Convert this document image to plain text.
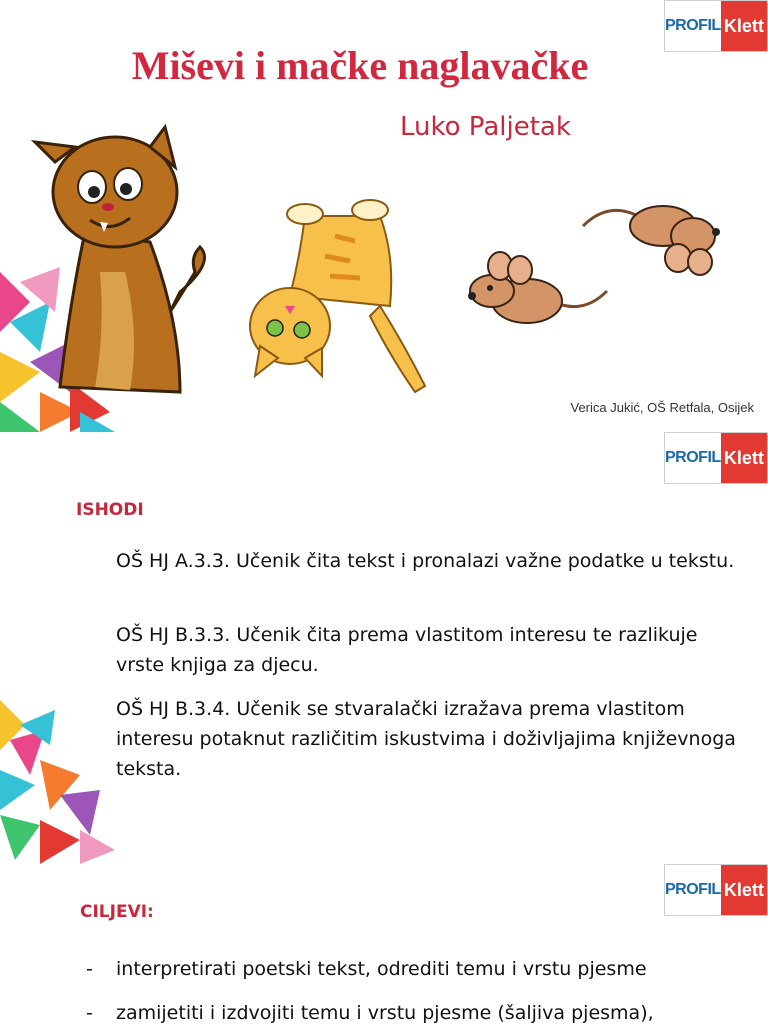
PROFIL Klett
Miševi i mačke naglavačke
Luko Paljetak
Verica Jukić, OŠ Retfala, Osijek
PROFIL Klett
ISHODI
OŠ HJ A.3.3. Učenik čita tekst i pronalazi važne podatke u tekstu.
OŠ HJ B.3.3. Učenik čita prema vlastitom interesu te razlikuje vrste knjiga za djecu.
OŠ HJ B.3.4. Učenik se stvaralački izražava prema vlastitom interesu potaknut različitim iskustvima i doživljajima književnoga teksta.
PROFIL Klett
CILJEVI:
- interpretirati poetski tekst, odrediti temu i vrstu pjesme
- zamijetiti i izdvojiti temu i vrstu pjesme (šaljiva pjesma),
